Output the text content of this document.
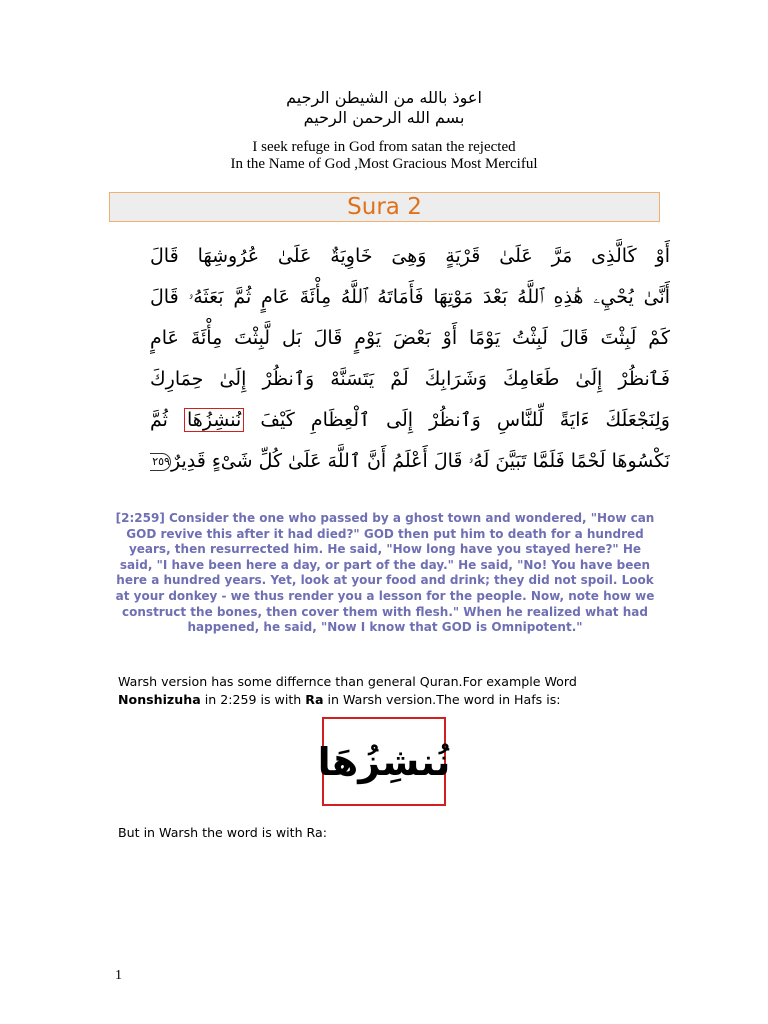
اعوذ بالله من الشيطن الرجيم
بسم الله الرحمن الرحيم
I seek refuge in God from satan the rejected
In the Name of God ,Most Gracious Most Merciful
Sura 2
أَوْ كَالَّذِى مَرَّ عَلَىٰ قَرْيَةٍ وَهِىَ خَاوِيَةٌ عَلَىٰ عُرُوشِهَا قَالَ
أَنَّىٰ يُحْيِۦ هَٰذِهِ ٱللَّهُ بَعْدَ مَوْتِهَا فَأَمَاتَهُ ٱللَّهُ مِأْئَةَ عَامٍ ثُمَّ بَعَثَهُۥ قَالَ
كَمْ لَبِثْتَ قَالَ لَبِثْتُ يَوْمًا أَوْ بَعْضَ يَوْمٍ قَالَ بَل لَّبِثْتَ مِأْئَةَ عَامٍ
فَٱنظُرْ إِلَىٰ طَعَامِكَ وَشَرَابِكَ لَمْ يَتَسَنَّهْ وَٱنظُرْ إِلَىٰ حِمَارِكَ
وَلِنَجْعَلَكَ ءَايَةً لِّلنَّاسِ وَٱنظُرْ إِلَى ٱلْعِظَامِ كَيْفَ نُنشِزُهَا ثُمَّ
نَكْسُوهَا لَحْمًا فَلَمَّا تَبَيَّنَ لَهُۥ قَالَ أَعْلَمُ أَنَّ ٱللَّهَ عَلَىٰ كُلِّ شَىْءٍ قَدِيرٌ٢٥٩
[2:259] Consider the one who passed by a ghost town and wondered, "How can GOD revive this after it had died?" GOD then put him to death for a hundred years, then resurrected him. He said, "How long have you stayed here?" He said, "I have been here a day, or part of the day." He said, "No! You have been here a hundred years. Yet, look at your food and drink; they did not spoil. Look at your donkey - we thus render you a lesson for the people. Now, note how we construct the bones, then cover them with flesh." When he realized what had happened, he said, "Now I know that GOD is Omnipotent."
Warsh version has some differnce than general Quran.For example Word Nonshizuha in 2:259 is with Ra in Warsh version.The word in Hafs is:
نُنشِزُهَا
But in Warsh the word is with Ra:
1
